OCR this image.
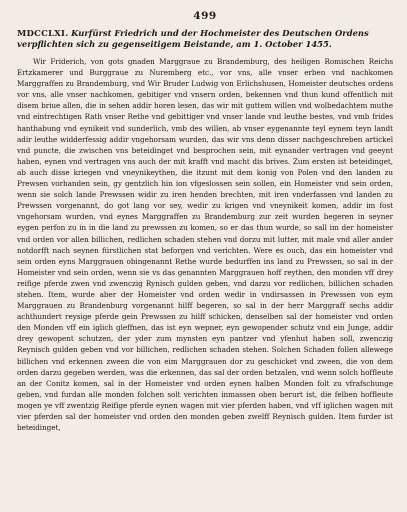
499

MDCCLXI. Kurfürst Friedrich und der Hochmeister des Deutschen Ordens verpflichten sich zu gegenseitigem Beistande, am 1. October 1455.

Wir Friderich, von gots gnaden Marggraue zu Brandemburg, des heiligen Romischen Reichs Ertzkamerer und Burggraue zu Nuremberg etc., vor vns, alle vnser erben vnd nachkomen Marggraffen zu Brandemburg, vnd Wir Bruder Ludwig von Erlichshusen, Homeister deutsches ordens vor vns, alle vnser nachkomen, gebitiger vnd vnsern orden, bekennen vnd thun kund offentlich mit disem briue allen, die in sehen addir horen lesen, das wir mit guttem willen vnd wolbedachtem muthe vnd eintrechtigen Rath vnser Rethe vnd gebittiger vnd vnser lande vnd leuthe bestes, vnd vmb frides hanthabung vnd eynikeit vnd sunderlich, vmb des willen, ab vnser eygenannte teyl eynem teyn landt adir leuthe widderfessig addir vngehorsam wurden, das wir vns denn disser nachgeschreben artickel vnd puncte, die zwischen vns beteidinget vnd besprochen sein, mit eynander vertragen vnd geeynt haben, eynen vnd vertragen vns auch der mit krafft vnd macht dis brives. Zum ersten ist beteidinget, ab auch disse kriegen vnd vneynikeythen, die itzunt mit dem konig von Polen vnd den landen zu Prewsen vorhanden sein, gy gentzlich hin ion vfgeslossen sein sollen, ein Homeister vnd sein orden, wenn sie solch lande Prewssen widir zu iren henden brechten, mit iren vnderfassen vnd landen zu Prewssen vorgenannt, do got lang vor sey, wedir zu krigen vnd vneynikeit komen, addir im fost vngehorsam wurden, vnd eynes Marggraffen zu Brandemburg zur zeit wurden begeren in seyner eygen perfon zu in in die land zu prewssen zu komen, so er das thun wurde, so sall im der homeister vnd orden vor allen billichen, redlichen schaden stehen vnd dorzu mit lutter, mit male vnd aller ander notdorfft nach seynen fürstlichen stat beforgen vnd verichten. Were es ouch, das ein homeister vnd sein orden eyns Marggrauen obingenannt Rethe wurde bedurffen ins land zu Prewssen, so sal in der Homeister vnd sein orden, wenn sie vs das genannten Marggrauen hoff reythen, den monden vff drey reifige pferde zwen vnd zwenczig Rynisch gulden geben, vnd darzu vor redlichen, billichen schaden stehen. Item, wurde aber der Homeister vnd orden wedir in vndirsassen in Prewssen von eym Marggrauen zu Brandenburg vorgenannt hilff begeren, so sal in der herr Marggraff sechs addir achthundert reysige pferde gein Prewssen zu hilff schicken, denselben sal der homeister vnd orden den Monden vff ein iglich gleffnen, das ist eyn wepner, eyn gewopender schutz vnd ein Junge, addir drey gewopent schutzen, der yder zum mynsten eyn pantzer vnd yfenhut haben soll, zwenczig Reynisch gulden geben vnd vor billichen, redlichen schaden stehen. Solchen Schaden follen allewege billichen vnd erkennen zween die von eim Marggrauen dor zu geschicket vnd zween, die von dem orden darzu gegeben werden, was die erkennen, das sal der orden betzalen, vnd wenn solch hoffleute an der Conitz komen, sal in der Homeister vnd orden eynen halben Monden folt zu vfrafschunge geben, vnd furdan alle monden folchen solt verichten inmassen oben berurt ist, die felben hoffleute mogen ye vff zwentzig Reifige pferde eynen wagen mit vier pferden haben, vnd vff iglichen wagen mit vier pferden sal der homeister vnd orden den monden geben zwelff Reynisch gulden. Item furder ist beteidinget,
